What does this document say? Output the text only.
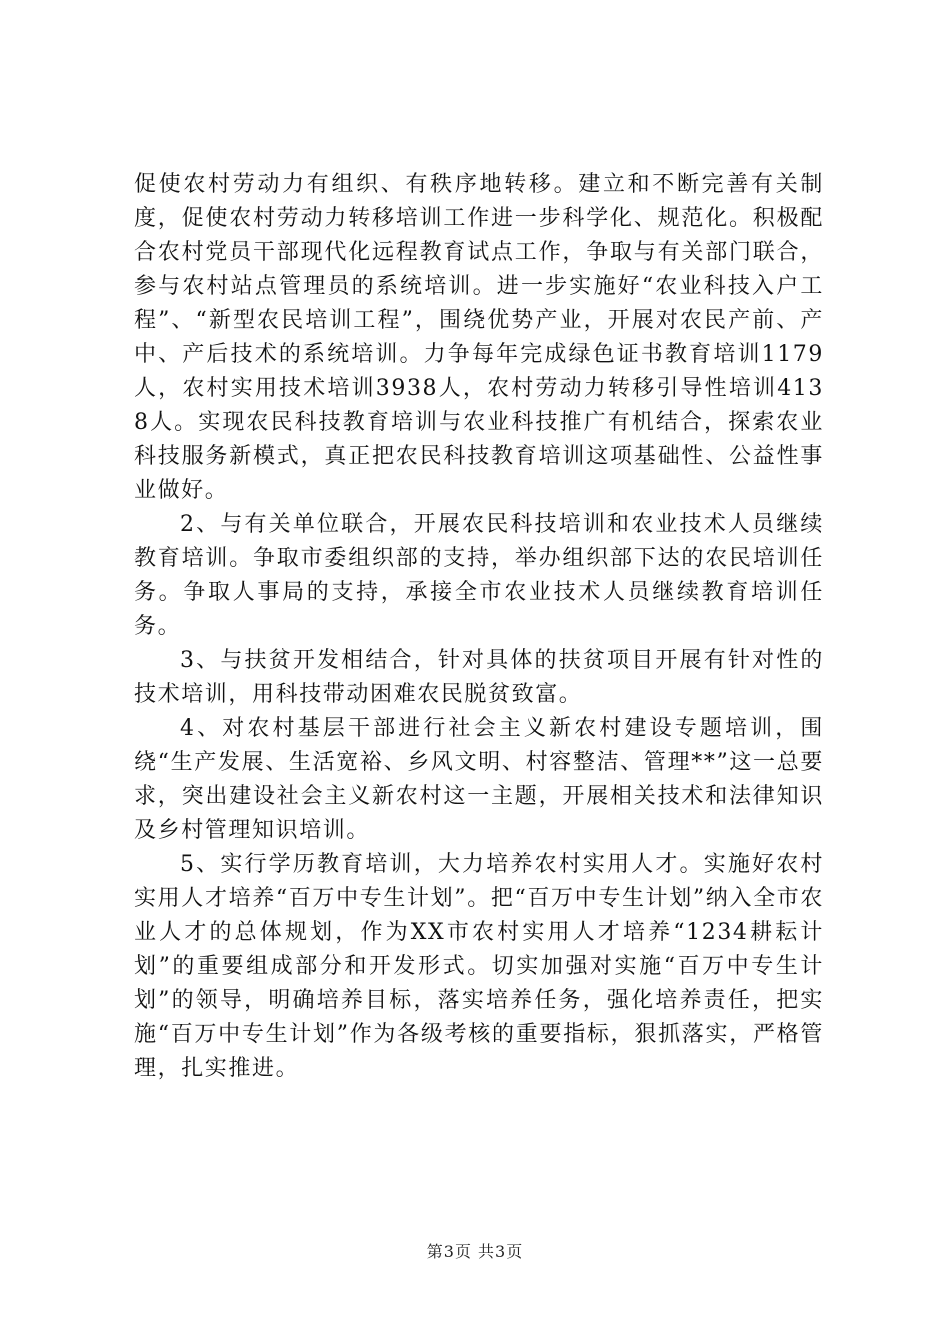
促使农村劳动力有组织、有秩序地转移。建立和不断完善有关制度，促使农村劳动力转移培训工作进一步科学化、规范化。积极配合农村党员干部现代化远程教育试点工作，争取与有关部门联合，参与农村站点管理员的系统培训。进一步实施好“农业科技入户工程”、“新型农民培训工程”，围绕优势产业，开展对农民产前、产中、产后技术的系统培训。力争每年完成绿色证书教育培训1179人，农村实用技术培训3938人，农村劳动力转移引导性培训4138人。实现农民科技教育培训与农业科技推广有机结合，探索农业科技服务新模式，真正把农民科技教育培训这项基础性、公益性事业做好。

2、与有关单位联合，开展农民科技培训和农业技术人员继续教育培训。争取市委组织部的支持，举办组织部下达的农民培训任务。争取人事局的支持，承接全市农业技术人员继续教育培训任务。

3、与扶贫开发相结合，针对具体的扶贫项目开展有针对性的技术培训，用科技带动困难农民脱贫致富。

4、对农村基层干部进行社会主义新农村建设专题培训，围绕“生产发展、生活宽裕、乡风文明、村容整洁、管理**”这一总要求，突出建设社会主义新农村这一主题，开展相关技术和法律知识及乡村管理知识培训。

5、实行学历教育培训，大力培养农村实用人才。实施好农村实用人才培养“百万中专生计划”。把“百万中专生计划”纳入全市农业人才的总体规划，作为XX市农村实用人才培养“1234耕耘计划”的重要组成部分和开发形式。切实加强对实施“百万中专生计划”的领导，明确培养目标，落实培养任务，强化培养责任，把实施“百万中专生计划”作为各级考核的重要指标，狠抓落实，严格管理，扎实推进。

第3页 共3页
